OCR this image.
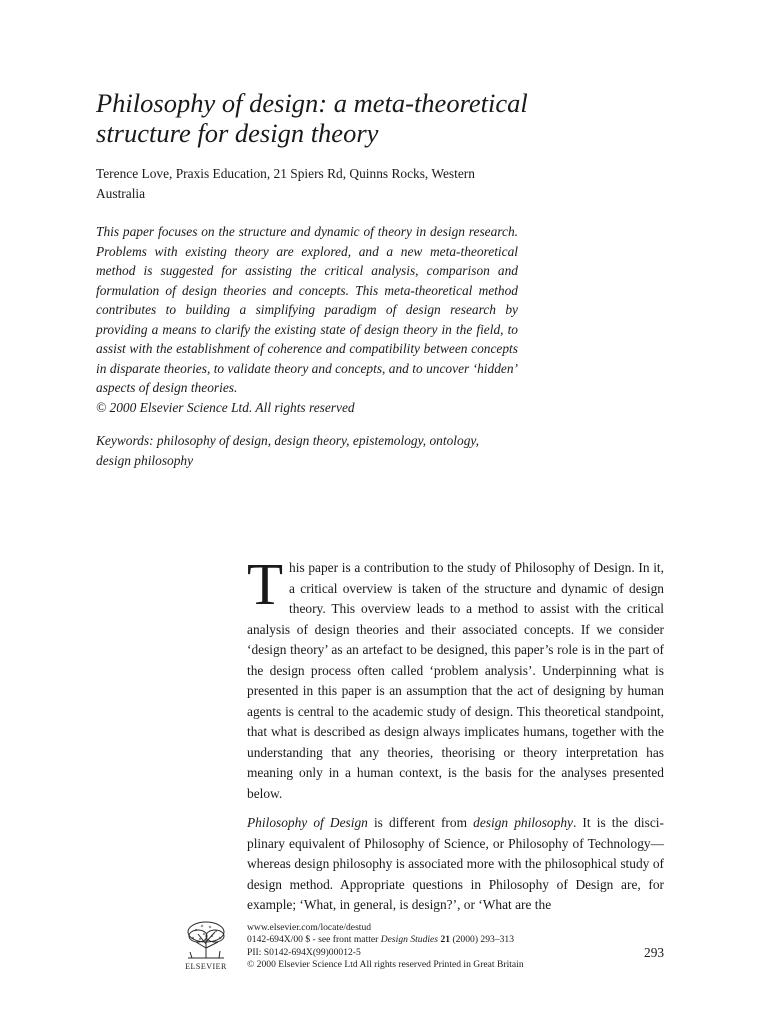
Philosophy of design: a meta-theoretical structure for design theory
Terence Love, Praxis Education, 21 Spiers Rd, Quinns Rocks, Western Australia

This paper focuses on the structure and dynamic of theory in design research. Problems with existing theory are explored, and a new meta-theoretical method is suggested for assisting the critical analysis, comparison and formulation of design theories and concepts. This meta-theoretical method contributes to building a simplifying paradigm of design research by providing a means to clarify the existing state of design theory in the field, to assist with the establishment of coherence and compatibility between concepts in disparate theories, to validate theory and concepts, and to uncover ‘hidden’ aspects of design theories.
© 2000 Elsevier Science Ltd. All rights reserved

Keywords: philosophy of design, design theory, epistemology, ontology, design philosophy

This paper is a contribution to the study of Philosophy of Design. In it, a critical overview is taken of the structure and dynamic of design theory. This overview leads to a method to assist with the critical analysis of design theories and their associated concepts. If we consider ‘design theory’ as an artefact to be designed, this paper’s role is in the part of the design process often called ‘problem analysis’. Underpinning what is presented in this paper is an assumption that the act of designing by human agents is central to the academic study of design. This theoretical standpoint, that what is described as design always implicates humans, together with the understanding that any theories, theorising or theory interpretation has meaning only in a human context, is the basis for the analyses presented below.

Philosophy of Design is different from design philosophy. It is the disciplinary equivalent of Philosophy of Science, or Philosophy of Technology—whereas design philosophy is associated more with the philosophical study of design method. Appropriate questions in Philosophy of Design are, for example; ‘What, in general, is design?’, or ‘What are the

ELSEVIER
www.elsevier.com/locate/destud
0142-694X/00 $ - see front matter Design Studies 21 (2000) 293–313
PII: S0142-694X(99)00012-5
© 2000 Elsevier Science Ltd All rights reserved Printed in Great Britain
293
